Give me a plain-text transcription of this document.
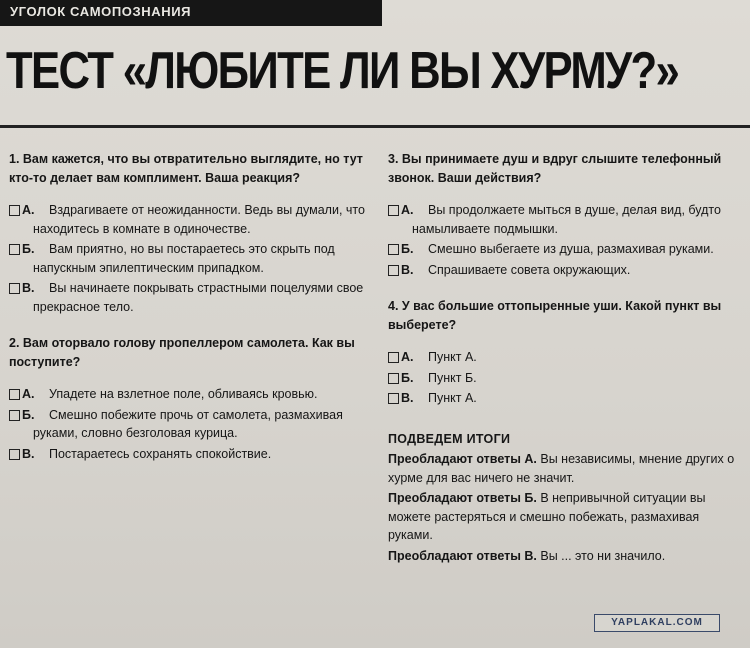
УГОЛОК САМОПОЗНАНИЯ
ТЕСТ «ЛЮБИТЕ ЛИ ВЫ ХУРМУ?»
1. Вам кажется, что вы отвратительно выглядите, но тут кто-то делает вам комплимент. Ваша реакция?
А.	Вздрагиваете от неожиданности. Ведь вы думали, что находитесь в комнате в одиночестве.
Б.	Вам приятно, но вы постараетесь это скрыть под напускным эпилептическим припадком.
В.	Вы начинаете покрывать страстными поцелуями свое прекрасное тело.
2. Вам оторвало голову пропеллером самолета. Как вы поступите?
А.	Упадете на взлетное поле, обливаясь кровью.
Б.	Смешно побежите прочь от самолета, размахивая руками, словно безголовая курица.
В.	Постараетесь сохранять спокойствие.
3. Вы принимаете душ и вдруг слышите телефонный звонок. Ваши действия?
А.	Вы продолжаете мыться в душе, делая вид, будто намыливаете подмышки.
Б.	Смешно выбегаете из душа, размахивая руками.
В.	Спрашиваете совета окружающих.
4. У вас большие оттопыренные уши. Какой пункт вы выберете?
А.	Пункт А.
Б.	Пункт Б.
В.	Пункт А.
ПОДВЕДЕМ ИТОГИ
Преобладают ответы А. Вы независимы, мнение других о хурме для вас ничего не значит.
Преобладают ответы Б. В непривычной ситуации вы можете растеряться и смешно побежать, размахивая руками.
Преобладают ответы В. Вы ... это ни значило.
YAPLAKAL.COM
